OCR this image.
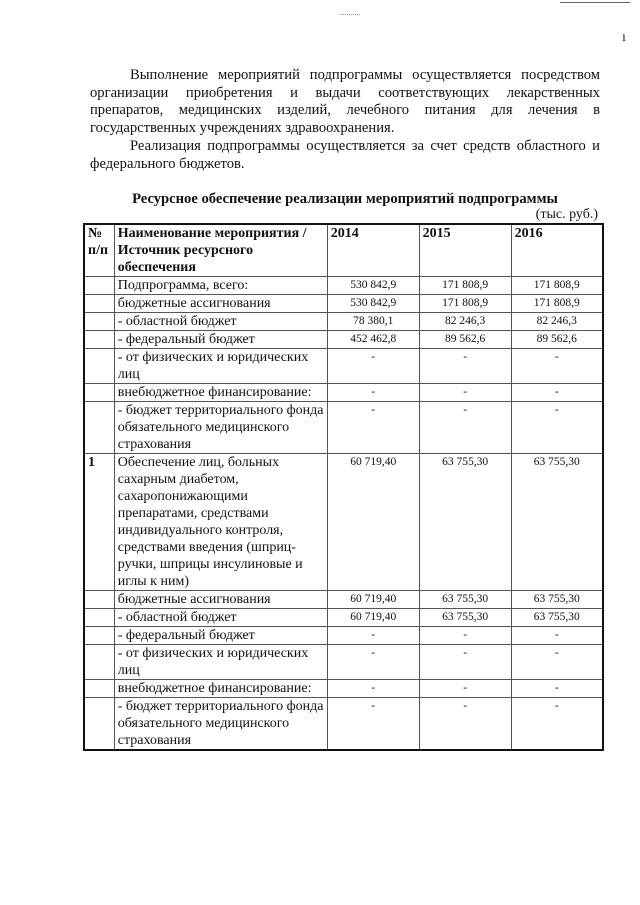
ı

Выполнение мероприятий подпрограммы осуществляется посредством организации приобретения и выдачи соответствующих лекарственных препаратов, медицинских изделий, лечебного питания для лечения в государственных учреждениях здравоохранения.

Реализация подпрограммы осуществляется за счет средств областного и федерального бюджетов.

Ресурсное обеспечение реализации мероприятий подпрограммы
(тыс. руб.)
№ п/п	Наименование мероприятия / Источник ресурсного обеспечения	2014	2015	2016
	Подпрограмма, всего:	530 842,9	171 808,9	171 808,9
	бюджетные ассигнования	530 842,9	171 808,9	171 808,9
	- областной бюджет	78 380,1	82 246,3	82 246,3
	- федеральный бюджет	452 462,8	89 562,6	89 562,6
	- от физических и юридических лиц	-	-	-
	внебюджетное финансирование:	-	-	-
	- бюджет территориального фонда обязательного медицинского страхования	-	-	-
1	Обеспечение лиц, больных сахарным диабетом, сахаропонижающими препаратами, средствами индивидуального контроля, средствами введения (шприц-ручки, шприцы инсулиновые и иглы к ним)	60 719,40	63 755,30	63 755,30
	бюджетные ассигнования	60 719,40	63 755,30	63 755,30
	- областной бюджет	60 719,40	63 755,30	63 755,30
	- федеральный бюджет	-	-	-
	- от физических и юридических лиц	-	-	-
	внебюджетное финансирование:	-	-	-
	- бюджет территориального фонда обязательного медицинского страхования	-	-	-
